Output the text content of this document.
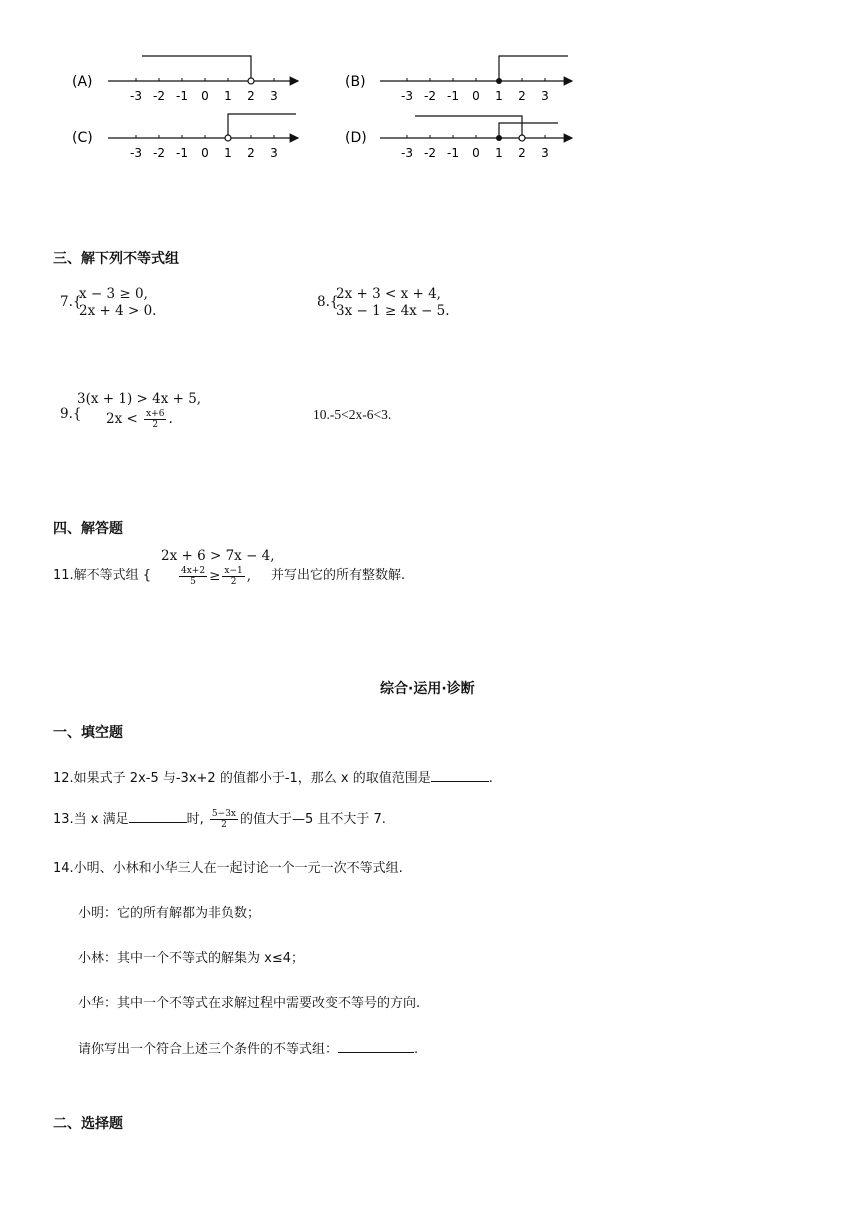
(A)
-3 -2 -1 0 1 2 3
(B)
-3 -2 -1 0 1 2 3
(C)
-3 -2 -1 0 1 2 3
(D)
-3 -2 -1 0 1 2 3
三、解下列不等式组
7.{
x − 3 ≥ 0,
2x + 4 > 0.
8.{
2x + 3 < x + 4,
3x − 1 ≥ 4x − 5.
9.{
3(x + 1) > 4x + 5,
$2x < \frac{x+6}{2}$ .	10.-5<2x-6<3.
四、解答题
11.解不等式组 {
2x + 6 > 7x − 4,
$\frac{4x+2}{5} \ge \frac{x-1}{2}$ , 并写出它的所有整数解.
综合·运用·诊断
一、填空题
12.如果式子 2x-5 与-3x+2 的值都小于-1，那么 x 的取值范围是	.
13.当 x 满足	时, $\frac{5-3x}{2}$ 的值大于—5 且不大于 7.
14.小明、小林和小华三人在一起讨论一个一元一次不等式组.
小明：它的所有解都为非负数；
小林：其中一个不等式的解集为 x≤4；
小华：其中一个不等式在求解过程中需要改变不等号的方向.
请你写出一个符合上述三个条件的不等式组：	.
二、选择题
